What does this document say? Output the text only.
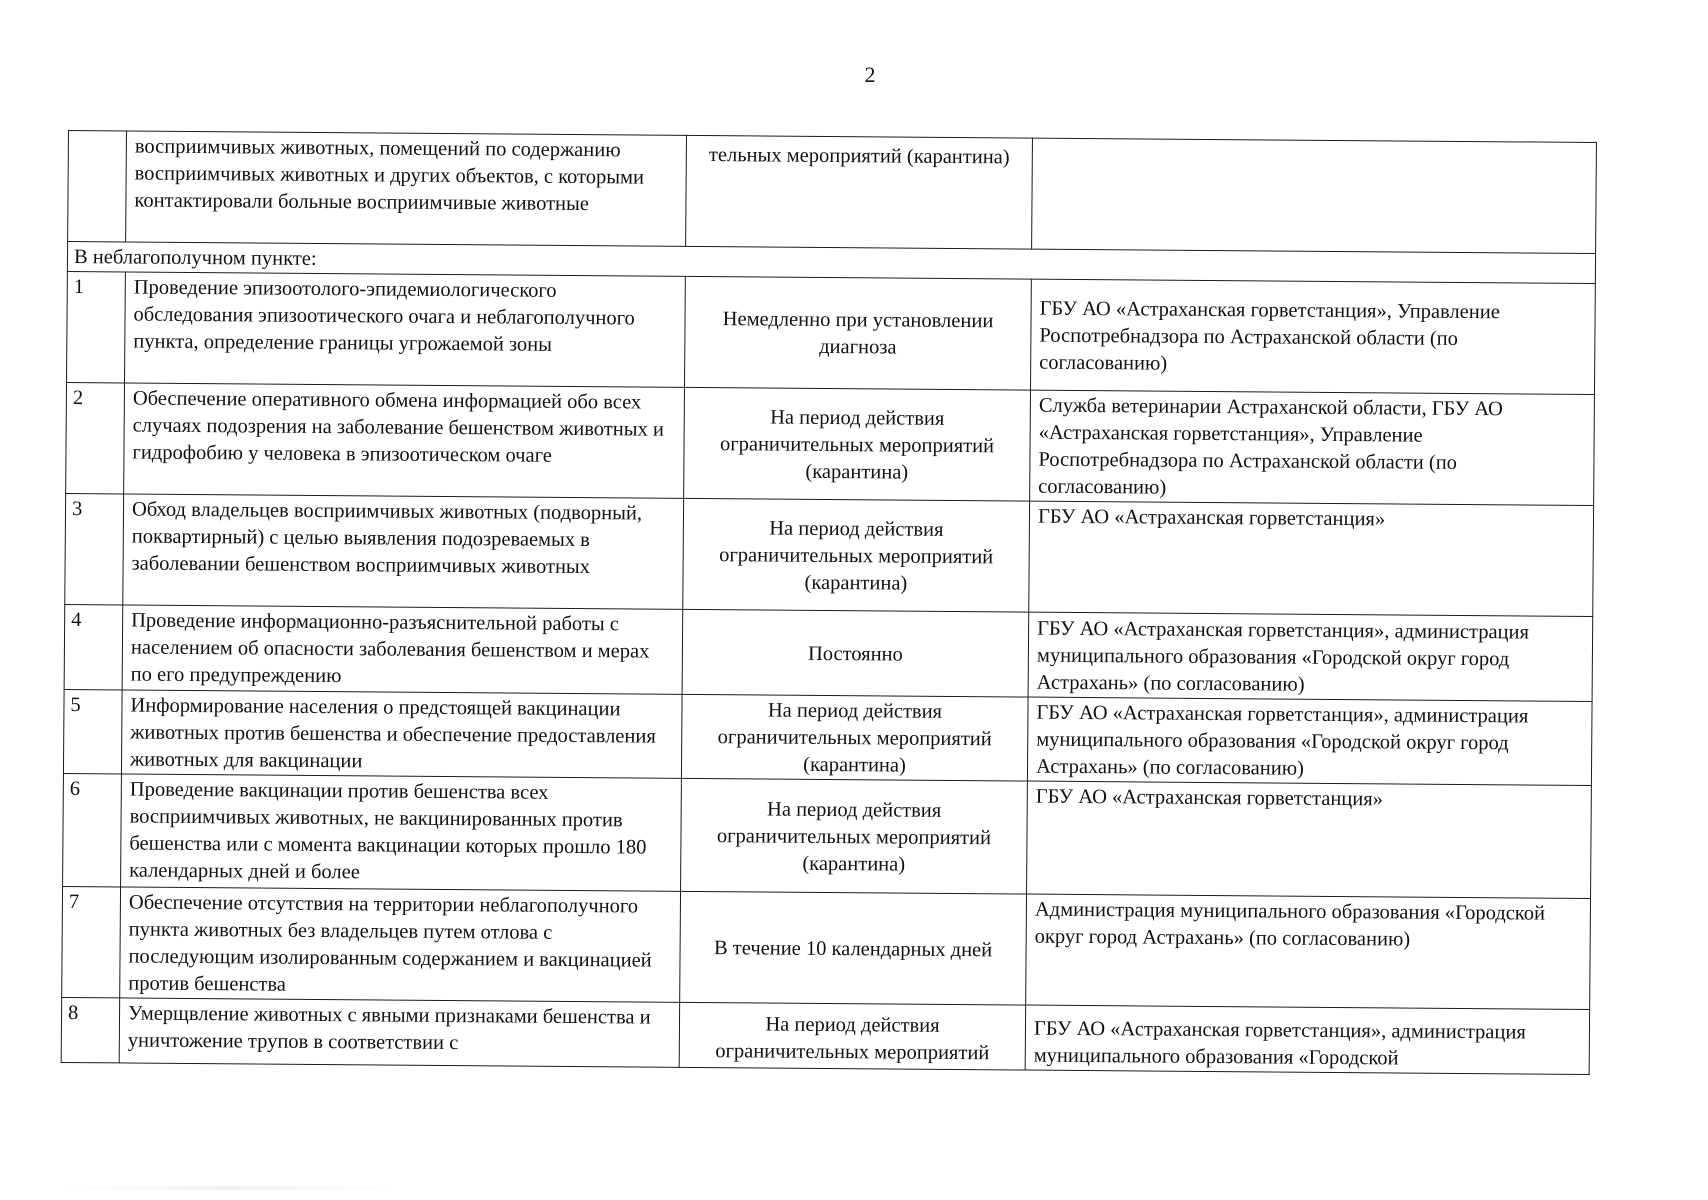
2
	восприимчивых животных, помещений по содержанию восприимчивых животных и других объектов, с которыми контактировали больные восприимчивые животные	тельных мероприятий (карантина)	
В неблагополучном пункте:			
1	Проведение эпизоотолого-эпидемиологического обследования эпизоотического очага и неблагополучного пункта, определение границы угрожаемой зоны	Немедленно при установлении диагноза	ГБУ АО «Астраханская горветстанция», Управление Роспотребнадзора по Астраханской области (по согласованию)
2	Обеспечение оперативного обмена информацией обо всех случаях подозрения на заболевание бешенством животных и гидрофобию у человека в эпизоотическом очаге	На период действия ограничительных мероприятий (карантина)	Служба ветеринарии Астраханской области, ГБУ АО «Астраханская горветстанция», Управление Роспотребнадзора по Астраханской области (по согласованию)
3	Обход владельцев восприимчивых животных (подворный, поквартирный) с целью выявления подозреваемых в заболевании бешенством восприимчивых животных	На период действия ограничительных мероприятий (карантина)	ГБУ АО «Астраханская горветстанция»
4	Проведение информационно-разъяснительной работы с населением об опасности заболевания бешенством и мерах по его предупреждению	Постоянно	ГБУ АО «Астраханская горветстанция», администрация муниципального образования «Городской округ город Астрахань» (по согласованию)
5	Информирование населения о предстоящей вакцинации животных против бешенства и обеспечение предоставления животных для вакцинации	На период действия ограничительных мероприятий (карантина)	ГБУ АО «Астраханская горветстанция», администрация муниципального образования «Городской округ город Астрахань» (по согласованию)
6	Проведение вакцинации против бешенства всех восприимчивых животных, не вакцинированных против бешенства или с момента вакцинации которых прошло 180 календарных дней и более	На период действия ограничительных мероприятий (карантина)	ГБУ АО «Астраханская горветстанция»
7	Обеспечение отсутствия на территории неблагополучного пункта животных без владельцев путем отлова с последующим изолированным содержанием и вакцинацией против бешенства	В течение 10 календарных дней	Администрация муниципального образования «Городской округ город Астрахань» (по согласованию)
8	Умерщвление животных с явными признаками бешенства и уничтожение трупов в соответствии с	На период действия ограничительных мероприятий	ГБУ АО «Астраханская горветстанция», администрация муниципального образования «Городской
